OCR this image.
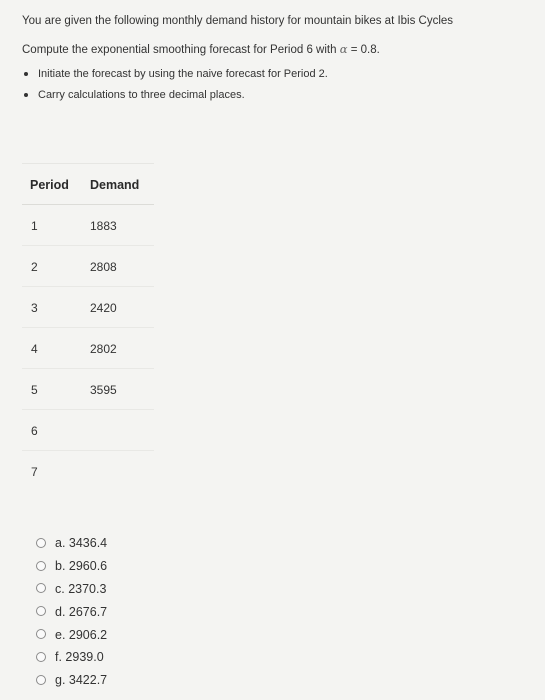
You are given the following monthly demand history for mountain bikes at Ibis Cycles
Compute the exponential smoothing forecast for Period 6 with α = 0.8.
Initiate the forecast by using the naive forecast for Period 2.
Carry calculations to three decimal places.
Period Demand
1	1883
2	2808
3	2420
4	2802
5	3595
6
7
a. 3436.4
b. 2960.6
c. 2370.3
d. 2676.7
e. 2906.2
f. 2939.0
g. 3422.7
